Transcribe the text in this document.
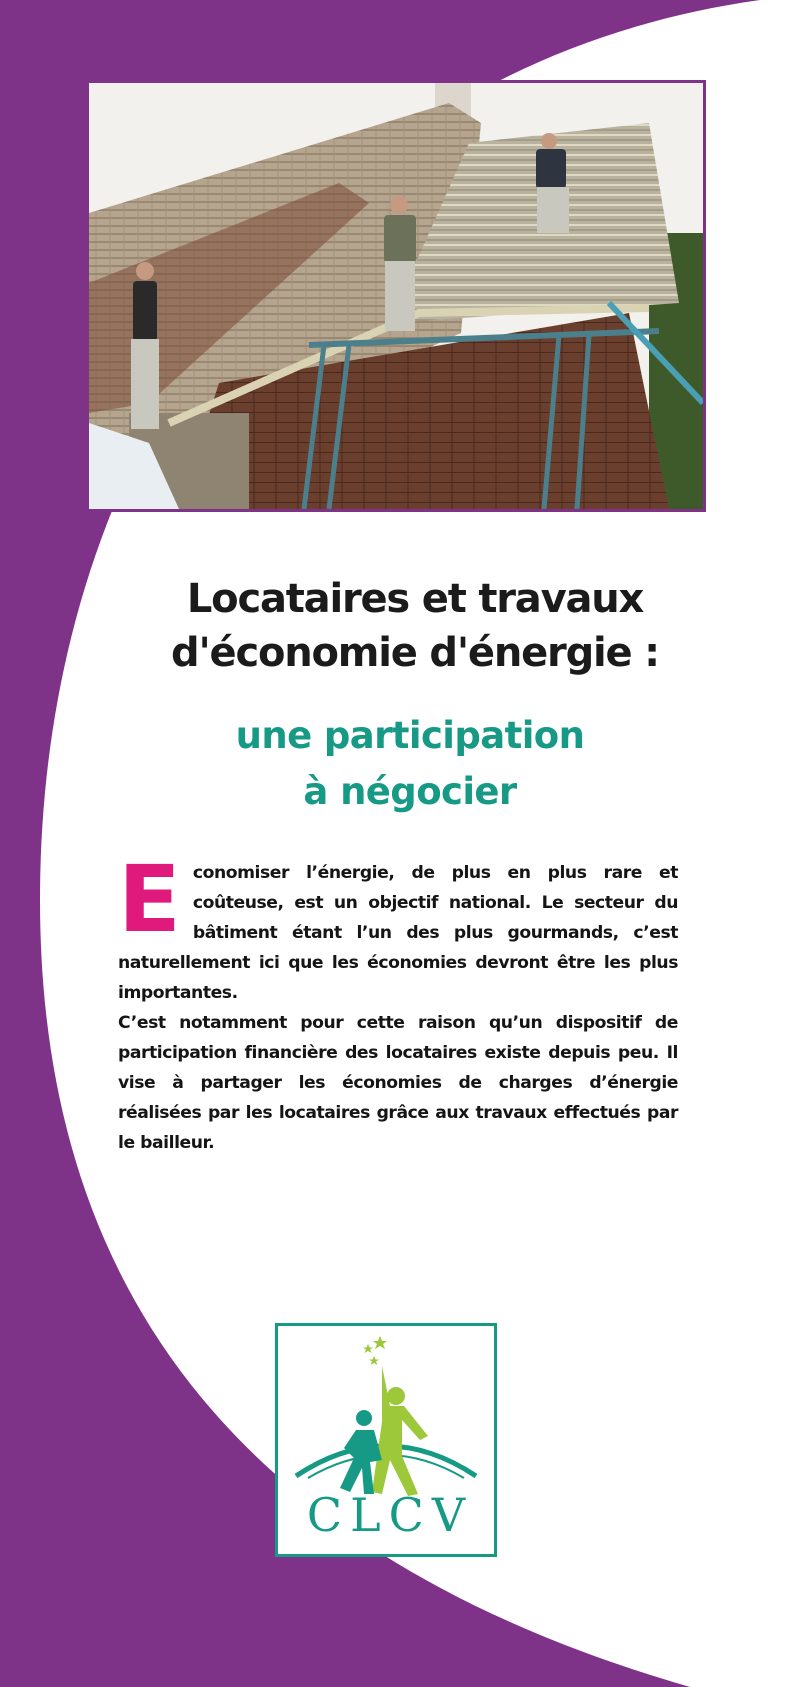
Locataires et travaux
d'économie d'énergie :
une participation
à négocier

Economiser l’énergie, de plus en plus rare et coûteuse, est un objectif national. Le secteur du bâtiment étant l’un des plus gourmands, c’est naturellement ici que les économies devront être les plus importantes.

C’est notamment pour cette raison qu’un dispositif de participation financière des locataires existe depuis peu. Il vise à partager les économies de charges d’énergie réalisées par les locataires grâce aux travaux effectués par le bailleur.

CLCV
